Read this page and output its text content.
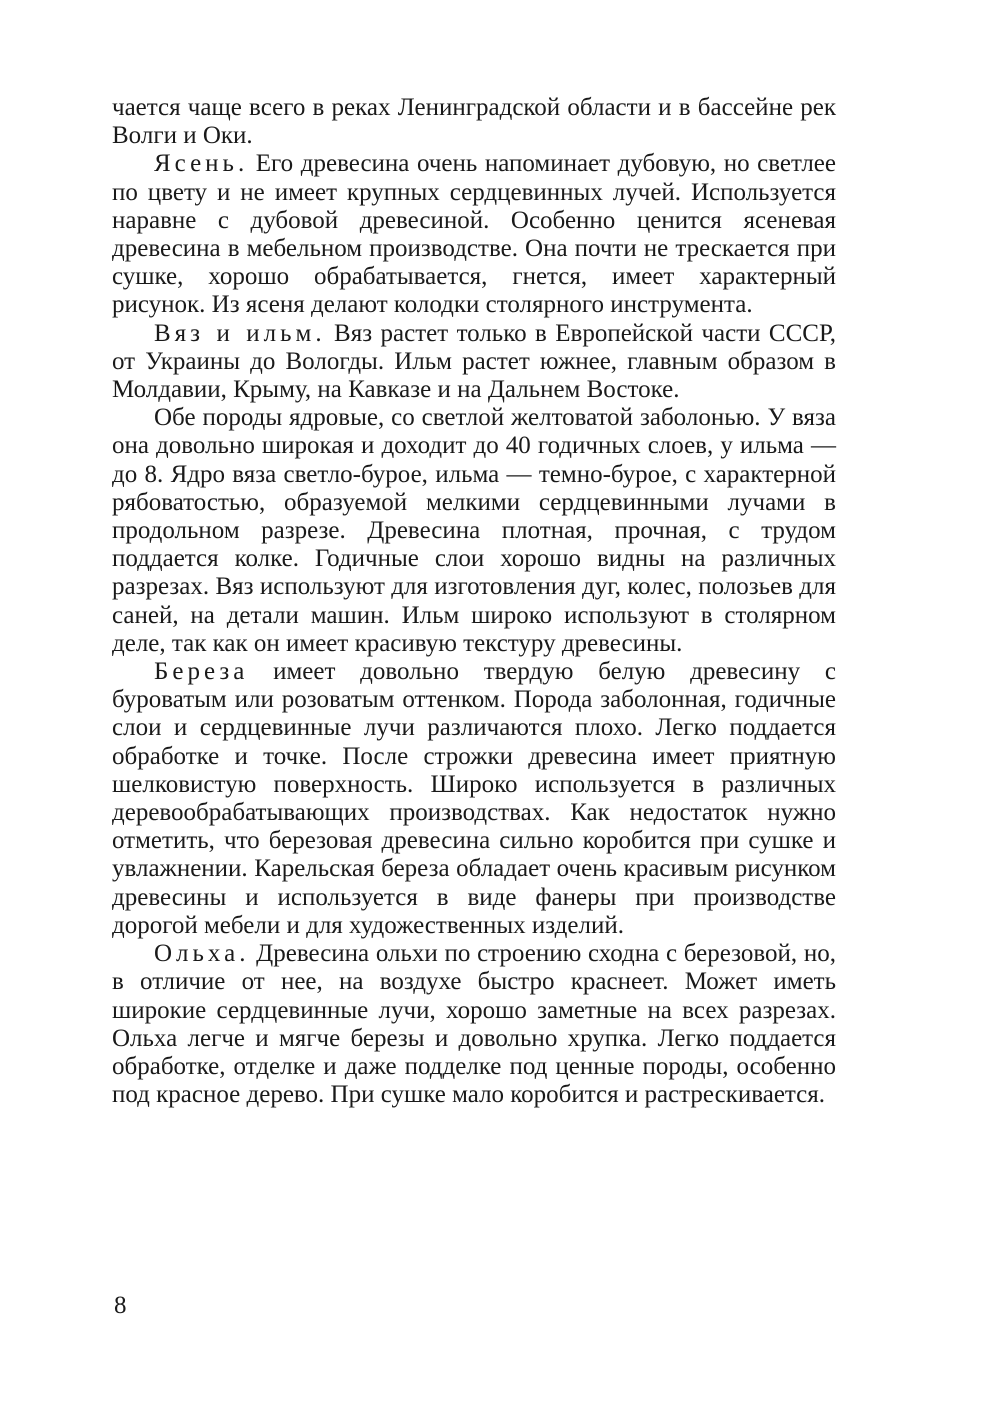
чается чаще всего в реках Ленинградской области и в бассейне рек Волги и Оки.

Ясень. Его древесина очень напоминает дубовую, но светлее по цвету и не имеет крупных сердцевинных лучей. Используется наравне с дубовой древесиной. Особенно ценится ясеневая древесина в мебельном производстве. Она почти не трескается при сушке, хорошо обрабатывается, гнется, имеет характерный рисунок. Из ясеня делают колодки столярного инструмента.

Вяз и ильм. Вяз растет только в Европейской части СССР, от Украины до Вологды. Ильм растет южнее, главным образом в Молдавии, Крыму, на Кавказе и на Дальнем Востоке.

Обе породы ядровые, со светлой желтоватой заболонью. У вяза она довольно широкая и доходит до 40 годичных слоев, у ильма — до 8. Ядро вяза светло-бурое, ильма — темно-бурое, с характерной рябоватостью, образуемой мелкими сердцевинными лучами в продольном разрезе. Древесина плотная, прочная, с трудом поддается колке. Годичные слои хорошо видны на различных разрезах. Вяз используют для изготовления дуг, колес, полозьев для саней, на детали машин. Ильм широко используют в столярном деле, так как он имеет красивую текстуру древесины.

Береза имеет довольно твердую белую древесину с буроватым или розоватым оттенком. Порода заболонная, годичные слои и сердцевинные лучи различаются плохо. Легко поддается обработке и точке. После строжки древесина имеет приятную шелковистую поверхность. Широко используется в различных деревообрабатывающих производствах. Как недостаток нужно отметить, что березовая древесина сильно коробится при сушке и увлажнении. Карельская береза обладает очень красивым рисунком древесины и используется в виде фанеры при производстве дорогой мебели и для художественных изделий.

Ольха. Древесина ольхи по строению сходна с березовой, но, в отличие от нее, на воздухе быстро краснеет. Может иметь широкие сердцевинные лучи, хорошо заметные на всех разрезах. Ольха легче и мягче березы и довольно хрупка. Легко поддается обработке, отделке и даже подделке под ценные породы, особенно под красное дерево. При сушке мало коробится и растрескивается.

8
